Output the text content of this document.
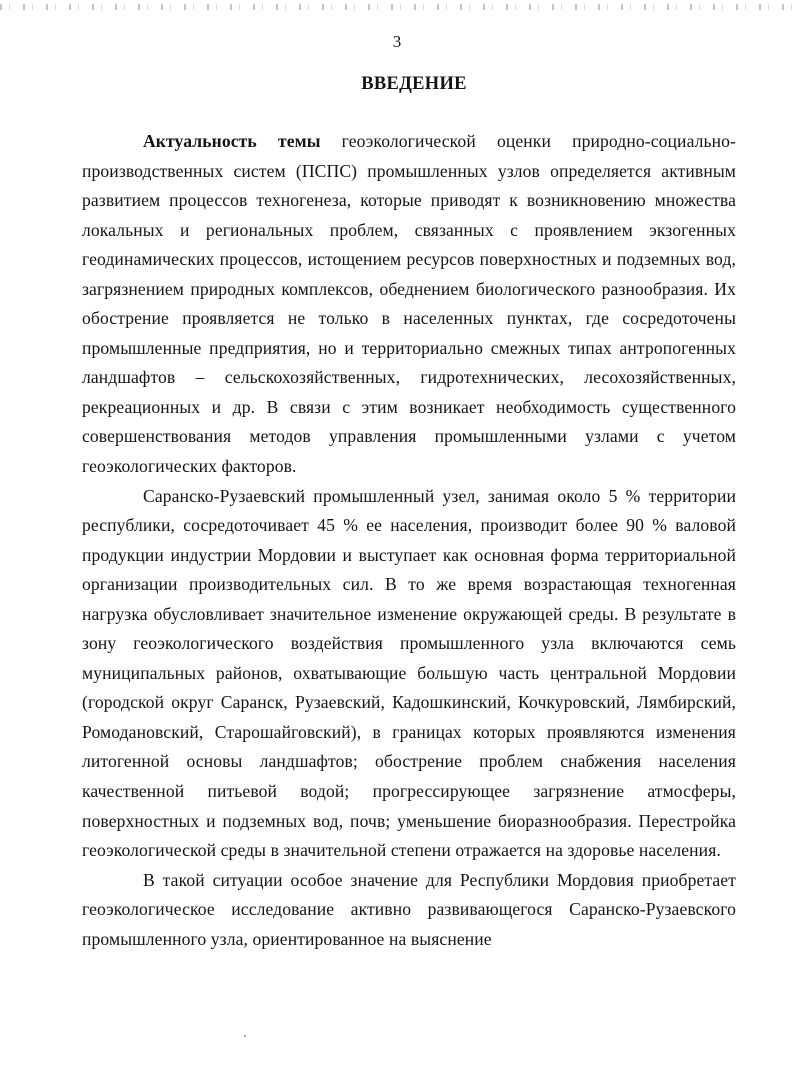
3
ВВЕДЕНИЕ

Актуальность темы геоэкологической оценки природно-социально-производственных систем (ПСПС) промышленных узлов определяется активным развитием процессов техногенеза, которые приводят к возникновению множества локальных и региональных проблем, связанных с проявлением экзогенных геодинамических процессов, истощением ресурсов поверхностных и подземных вод, загрязнением природных комплексов, обеднением биологического разнообразия. Их обострение проявляется не только в населенных пунктах, где сосредоточены промышленные предприятия, но и территориально смежных типах антропогенных ландшафтов – сельскохозяйственных, гидротехнических, лесохозяйственных, рекреационных и др. В связи с этим возникает необходимость существенного совершенствования методов управления промышленными узлами с учетом геоэкологических факторов.

Саранско-Рузаевский промышленный узел, занимая около 5 % территории республики, сосредоточивает 45 % ее населения, производит более 90 % валовой продукции индустрии Мордовии и выступает как основная форма территориальной организации производительных сил. В то же время возрастающая техногенная нагрузка обусловливает значительное изменение окружающей среды. В результате в зону геоэкологического воздействия промышленного узла включаются семь муниципальных районов, охватывающие большую часть центральной Мордовии (городской округ Саранск, Рузаевский, Кадошкинский, Кочкуровский, Лямбирский, Ромодановский, Старошайговский), в границах которых проявляются изменения литогенной основы ландшафтов; обострение проблем снабжения населения качественной питьевой водой; прогрессирующее загрязнение атмосферы, поверхностных и подземных вод, почв; уменьшение биоразнообразия. Перестройка геоэкологической среды в значительной степени отражается на здоровье населения.

В такой ситуации особое значение для Республики Мордовия приобретает геоэкологическое исследование активно развивающегося Саранско-Рузаевского промышленного узла, ориентированное на выяснение
